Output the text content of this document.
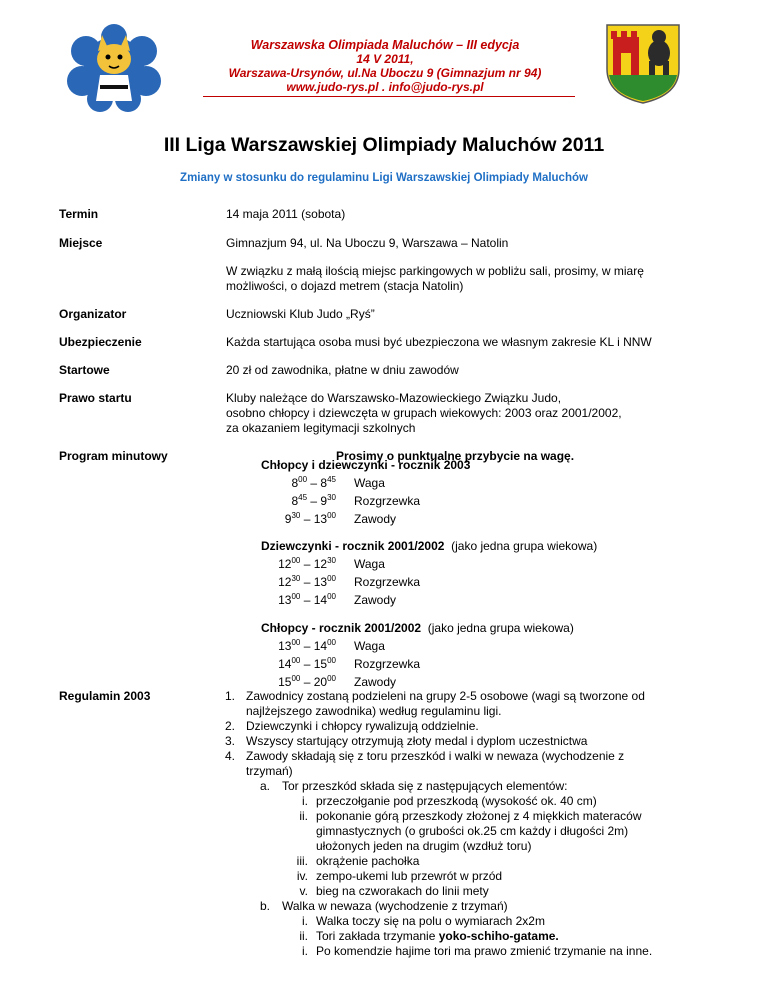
Warszawska Olimpiada Maluchów – III edycja
14 V 2011,
Warszawa-Ursynów, ul.Na Uboczu 9 (Gimnazjum nr 94)
www.judo-rys.pl . info@judo-rys.pl
III Liga Warszawskiej Olimpiady Maluchów 2011
Zmiany w stosunku do regulaminu Ligi Warszawskiej Olimpiady Maluchów
Termin	14 maja 2011 (sobota)
Miejsce	Gimnazjum 94, ul. Na Uboczu 9, Warszawa – Natolin
W związku z małą ilością miejsc parkingowych w pobliżu sali, prosimy, w miarę
możliwości, o dojazd metrem (stacja Natolin)
Organizator	Uczniowski Klub Judo „Ryś”
Ubezpieczenie	Każda startująca osoba musi być ubezpieczona we własnym zakresie KL i NNW
Startowe	20 zł od zawodnika, płatne w dniu zawodów
Prawo startu	Kluby należące do Warszawsko-Mazowieckiego Związku Judo,
osobno chłopcy i dziewczęta w grupach wiekowych: 2003 oraz 2001/2002,
za okazaniem legitymacji szkolnych
Program minutowy	Prosimy o punktualne przybycie na wagę.
Chłopcy i dziewczynki - rocznik 2003
$8^{00} - 8^{45}$ Waga
$8^{45} - 9^{30}$ Rozgrzewka
$9^{30} - 13^{00}$ Zawody
Dziewczynki - rocznik 2001/2002  (jako jedna grupa wiekowa)
$12^{00} - 12^{30}$ Waga
$12^{30} - 13^{00}$ Rozgrzewka
$13^{00} - 14^{00}$ Zawody
Chłopcy - rocznik 2001/2002  (jako jedna grupa wiekowa)
$13^{00} - 14^{00}$ Waga
$14^{00} - 15^{00}$ Rozgrzewka
$15^{00} - 20^{00}$ Zawody
Regulamin 2003	1. Zawodnicy zostaną podzieleni na grupy 2-5 osobowe (wagi są tworzone od
najlżejszego zawodnika) według regulaminu ligi.
2. Dziewczynki i chłopcy rywalizują oddzielnie.
3. Wszyscy startujący otrzymują złoty medal i dyplom uczestnictwa
4. Zawody składają się z toru przeszkód i walki w newaza (wychodzenie z
trzymań)
a. Tor przeszkód składa się z następujących elementów:
i. przeczołganie pod przeszkodą (wysokość ok. 40 cm)
ii. pokonanie górą przeszkody złożonej z 4 miękkich materaców
gimnastycznych (o grubości ok.25 cm każdy i długości 2m)
ułożonych jeden na drugim (wzdłuż toru)
iii. okrążenie pachołka
iv. zempo-ukemi lub przewrót w przód
v. bieg na czworakach do linii mety
b. Walka w newaza (wychodzenie z trzymań)
i. Walka toczy się na polu o wymiarach 2x2m
ii. Tori zakłada trzymanie yoko-schiho-gatame.
i. Po komendzie hajime tori ma prawo zmienić trzymanie na inne.
